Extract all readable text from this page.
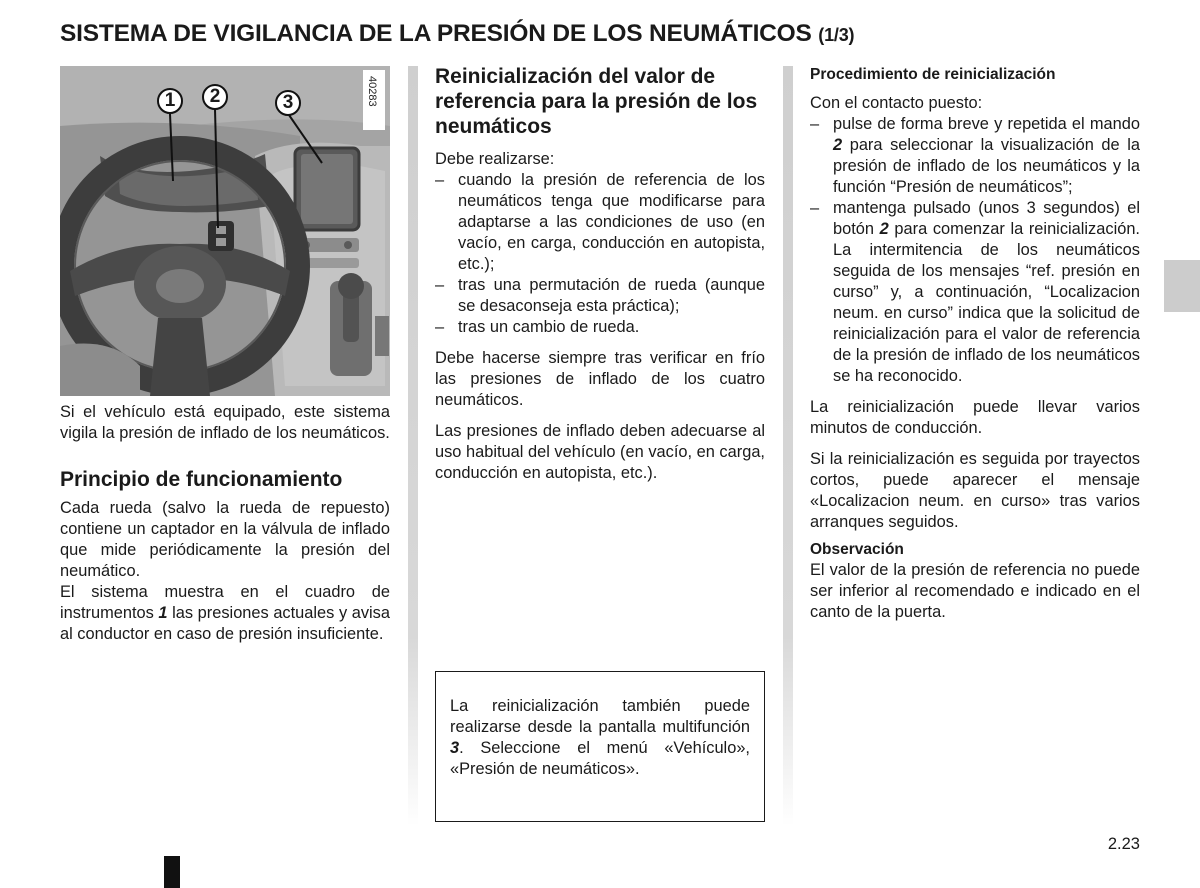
SISTEMA DE VIGILANCIA DE LA PRESIÓN DE LOS NEUMÁTICOS (1/3)
40283
1	2	3

Si el vehículo está equipado, este sistema vigila la presión de inflado de los neumáticos.

Principio de funcionamiento

Cada rueda (salvo la rueda de repuesto) contiene un captador en la válvula de inflado que mide periódicamente la presión del neumático.

El sistema muestra en el cuadro de instrumentos 1 las presiones actuales y avisa al conductor en caso de presión insuficiente.

Reinicialización del valor de referencia para la presión de los neumáticos

Debe realizarse:

– cuando la presión de referencia de los neumáticos tenga que modificarse para adaptarse a las condiciones de uso (en vacío, en carga, conducción en autopista, etc.);
– tras una permutación de rueda (aunque se desaconseja esta práctica);
– tras un cambio de rueda.

Debe hacerse siempre tras verificar en frío las presiones de inflado de los cuatro neumáticos.

Las presiones de inflado deben adecuarse al uso habitual del vehículo (en vacío, en carga, conducción en autopista, etc.).

La reinicialización también puede realizarse desde la pantalla multifunción 3. Seleccione el menú «Vehículo», «Presión de neumáticos».
Procedimiento de reinicialización

Con el contacto puesto:

– pulse de forma breve y repetida el mando 2 para seleccionar la visualización de la presión de inflado de los neumáticos y la función “Presión de neumáticos”;
– mantenga pulsado (unos 3 segundos) el botón 2 para comenzar la reinicialización. La intermitencia de los neumáticos seguida de los mensajes “ref. presión en curso” y, a continuación, “Localizacion neum. en curso” indica que la solicitud de reinicialización para el valor de referencia de la presión de inflado de los neumáticos se ha reconocido.

La reinicialización puede llevar varios minutos de conducción.

Si la reinicialización es seguida por trayectos cortos, puede aparecer el mensaje «Localizacion neum. en curso» tras varios arranques seguidos.

Observación

El valor de la presión de referencia no puede ser inferior al recomendado e indicado en el canto de la puerta.

2.23
